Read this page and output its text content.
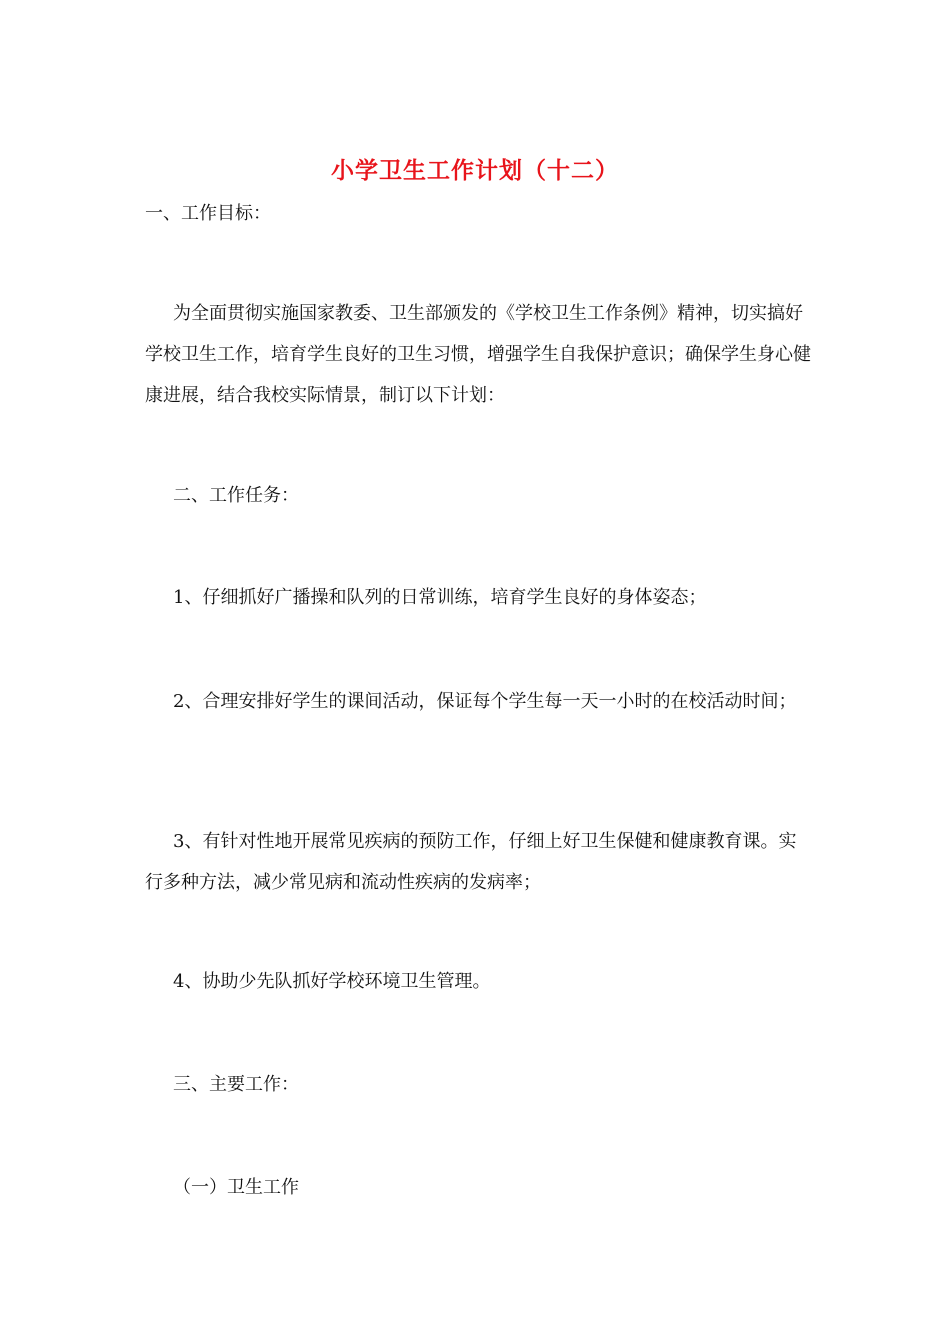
小学卫生工作计划（十二）
一、工作目标：
为全面贯彻实施国家教委、卫生部颁发的《学校卫生工作条例》精神，切实搞好学校卫生工作，培育学生良好的卫生习惯，增强学生自我保护意识；确保学生身心健康进展，结合我校实际情景，制订以下计划：
二、工作任务：
1、仔细抓好广播操和队列的日常训练，培育学生良好的身体姿态；
2、合理安排好学生的课间活动，保证每个学生每一天一小时的在校活动时间；
3、有针对性地开展常见疾病的预防工作，仔细上好卫生保健和健康教育课。实行多种方法，减少常见病和流动性疾病的发病率；
4、协助少先队抓好学校环境卫生管理。
三、主要工作：
（一）卫生工作
